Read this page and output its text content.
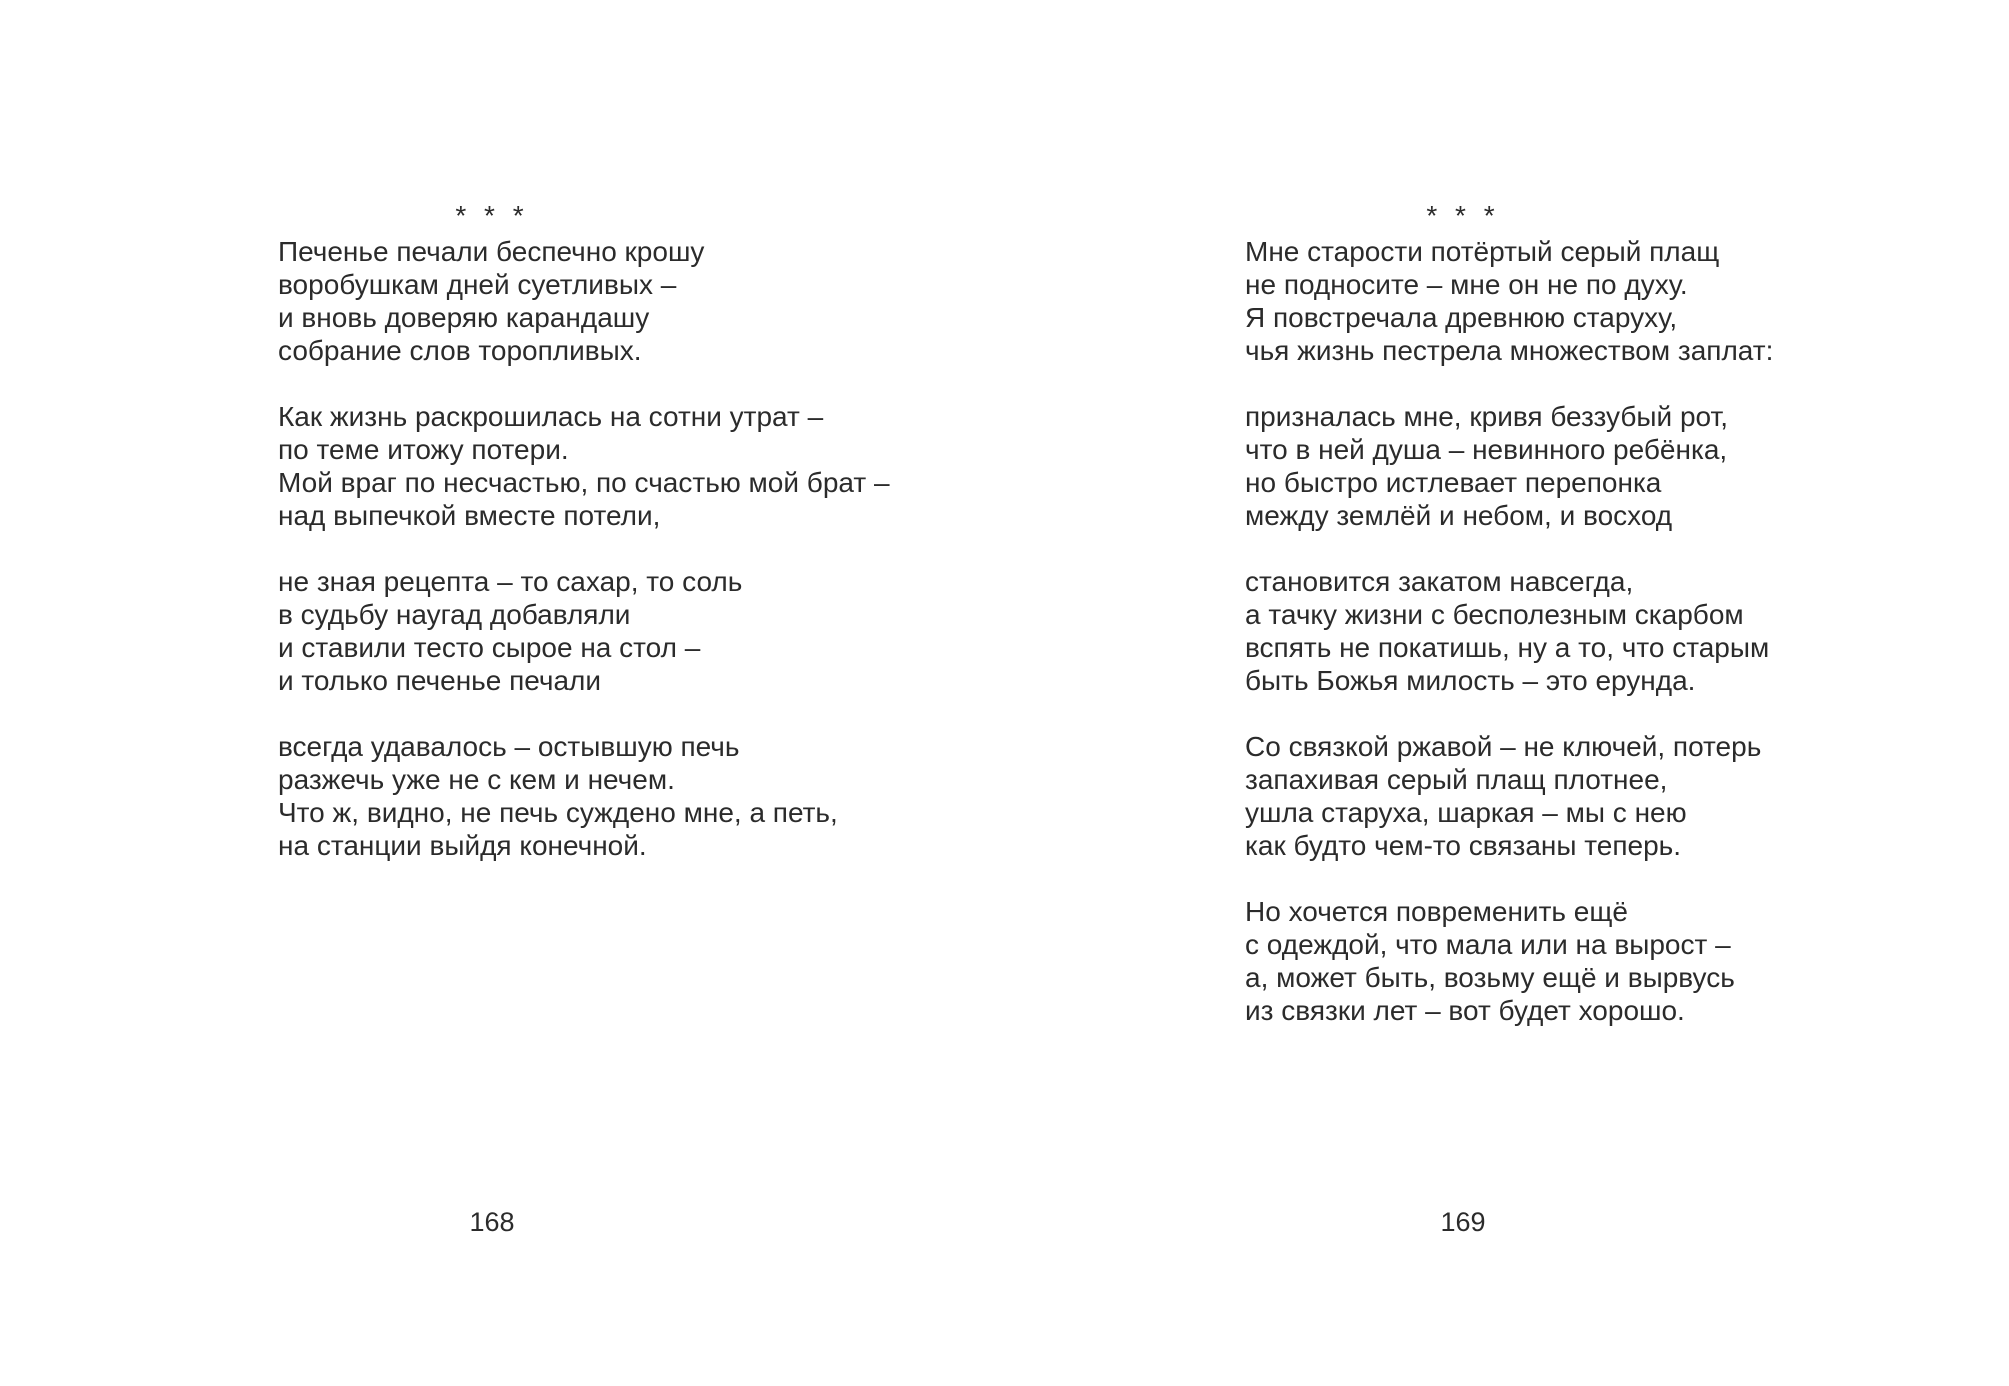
* * *
Печенье печали беспечно крошу
воробушкам дней суетливых –
и вновь доверяю карандашу
собрание слов торопливых.
Как жизнь раскрошилась на сотни утрат –
по теме итожу потери.
Мой враг по несчастью, по счастью мой брат –
над выпечкой вместе потели,
не зная рецепта – то сахар, то соль
в судьбу наугад добавляли
и ставили тесто сырое на стол –
и только печенье печали
всегда удавалось – остывшую печь
разжечь уже не с кем и нечем.
Что ж, видно, не печь суждено мне, а петь,
на станции выйдя конечной.
168
* * *
Мне старости потёртый серый плащ
не подносите – мне он не по духу.
Я повстречала древнюю старуху,
чья жизнь пестрела множеством заплат:
призналась мне, кривя беззубый рот,
что в ней душа – невинного ребёнка,
но быстро истлевает перепонка
между землёй и небом, и восход
становится закатом навсегда,
а тачку жизни с бесполезным скарбом
вспять не покатишь, ну а то, что старым
быть Божья милость – это ерунда.
Со связкой ржавой – не ключей, потерь
запахивая серый плащ плотнее,
ушла старуха, шаркая – мы с нею
как будто чем-то связаны теперь.
Но хочется повременить ещё
с одеждой, что мала или на вырост –
а, может быть, возьму ещё и вырвусь
из связки лет – вот будет хорошо.
169
